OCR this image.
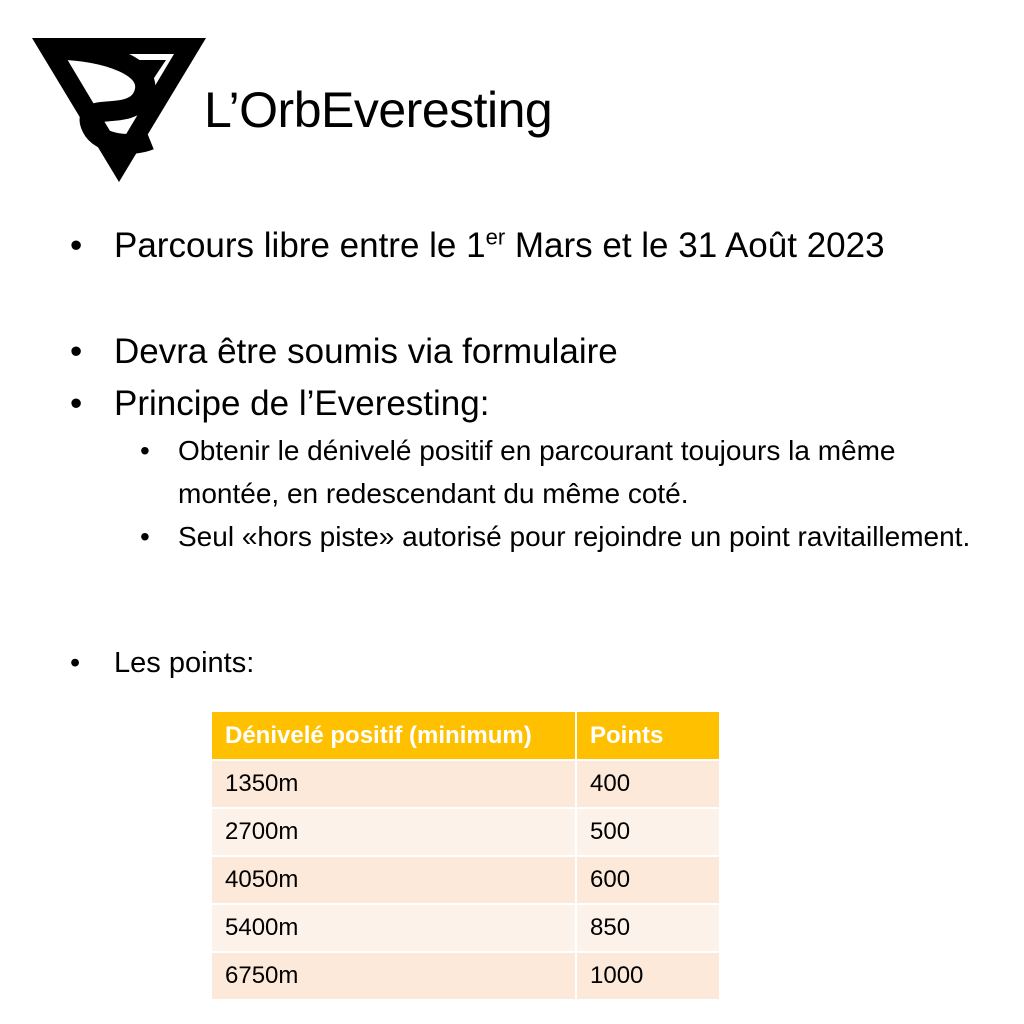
L’OrbEveresting
• Parcours libre entre le 1er Mars et le 31 Août 2023
• Devra être soumis via formulaire
• Principe de l’Everesting:
• Obtenir le dénivelé positif en parcourant toujours la même montée, en redescendant du même coté.
• Seul «hors piste» autorisé pour rejoindre un point ravitaillement.
• Les points:
Dénivelé positif (minimum)	Points
1350m	400
2700m	500
4050m	600
5400m	850
6750m	1000
